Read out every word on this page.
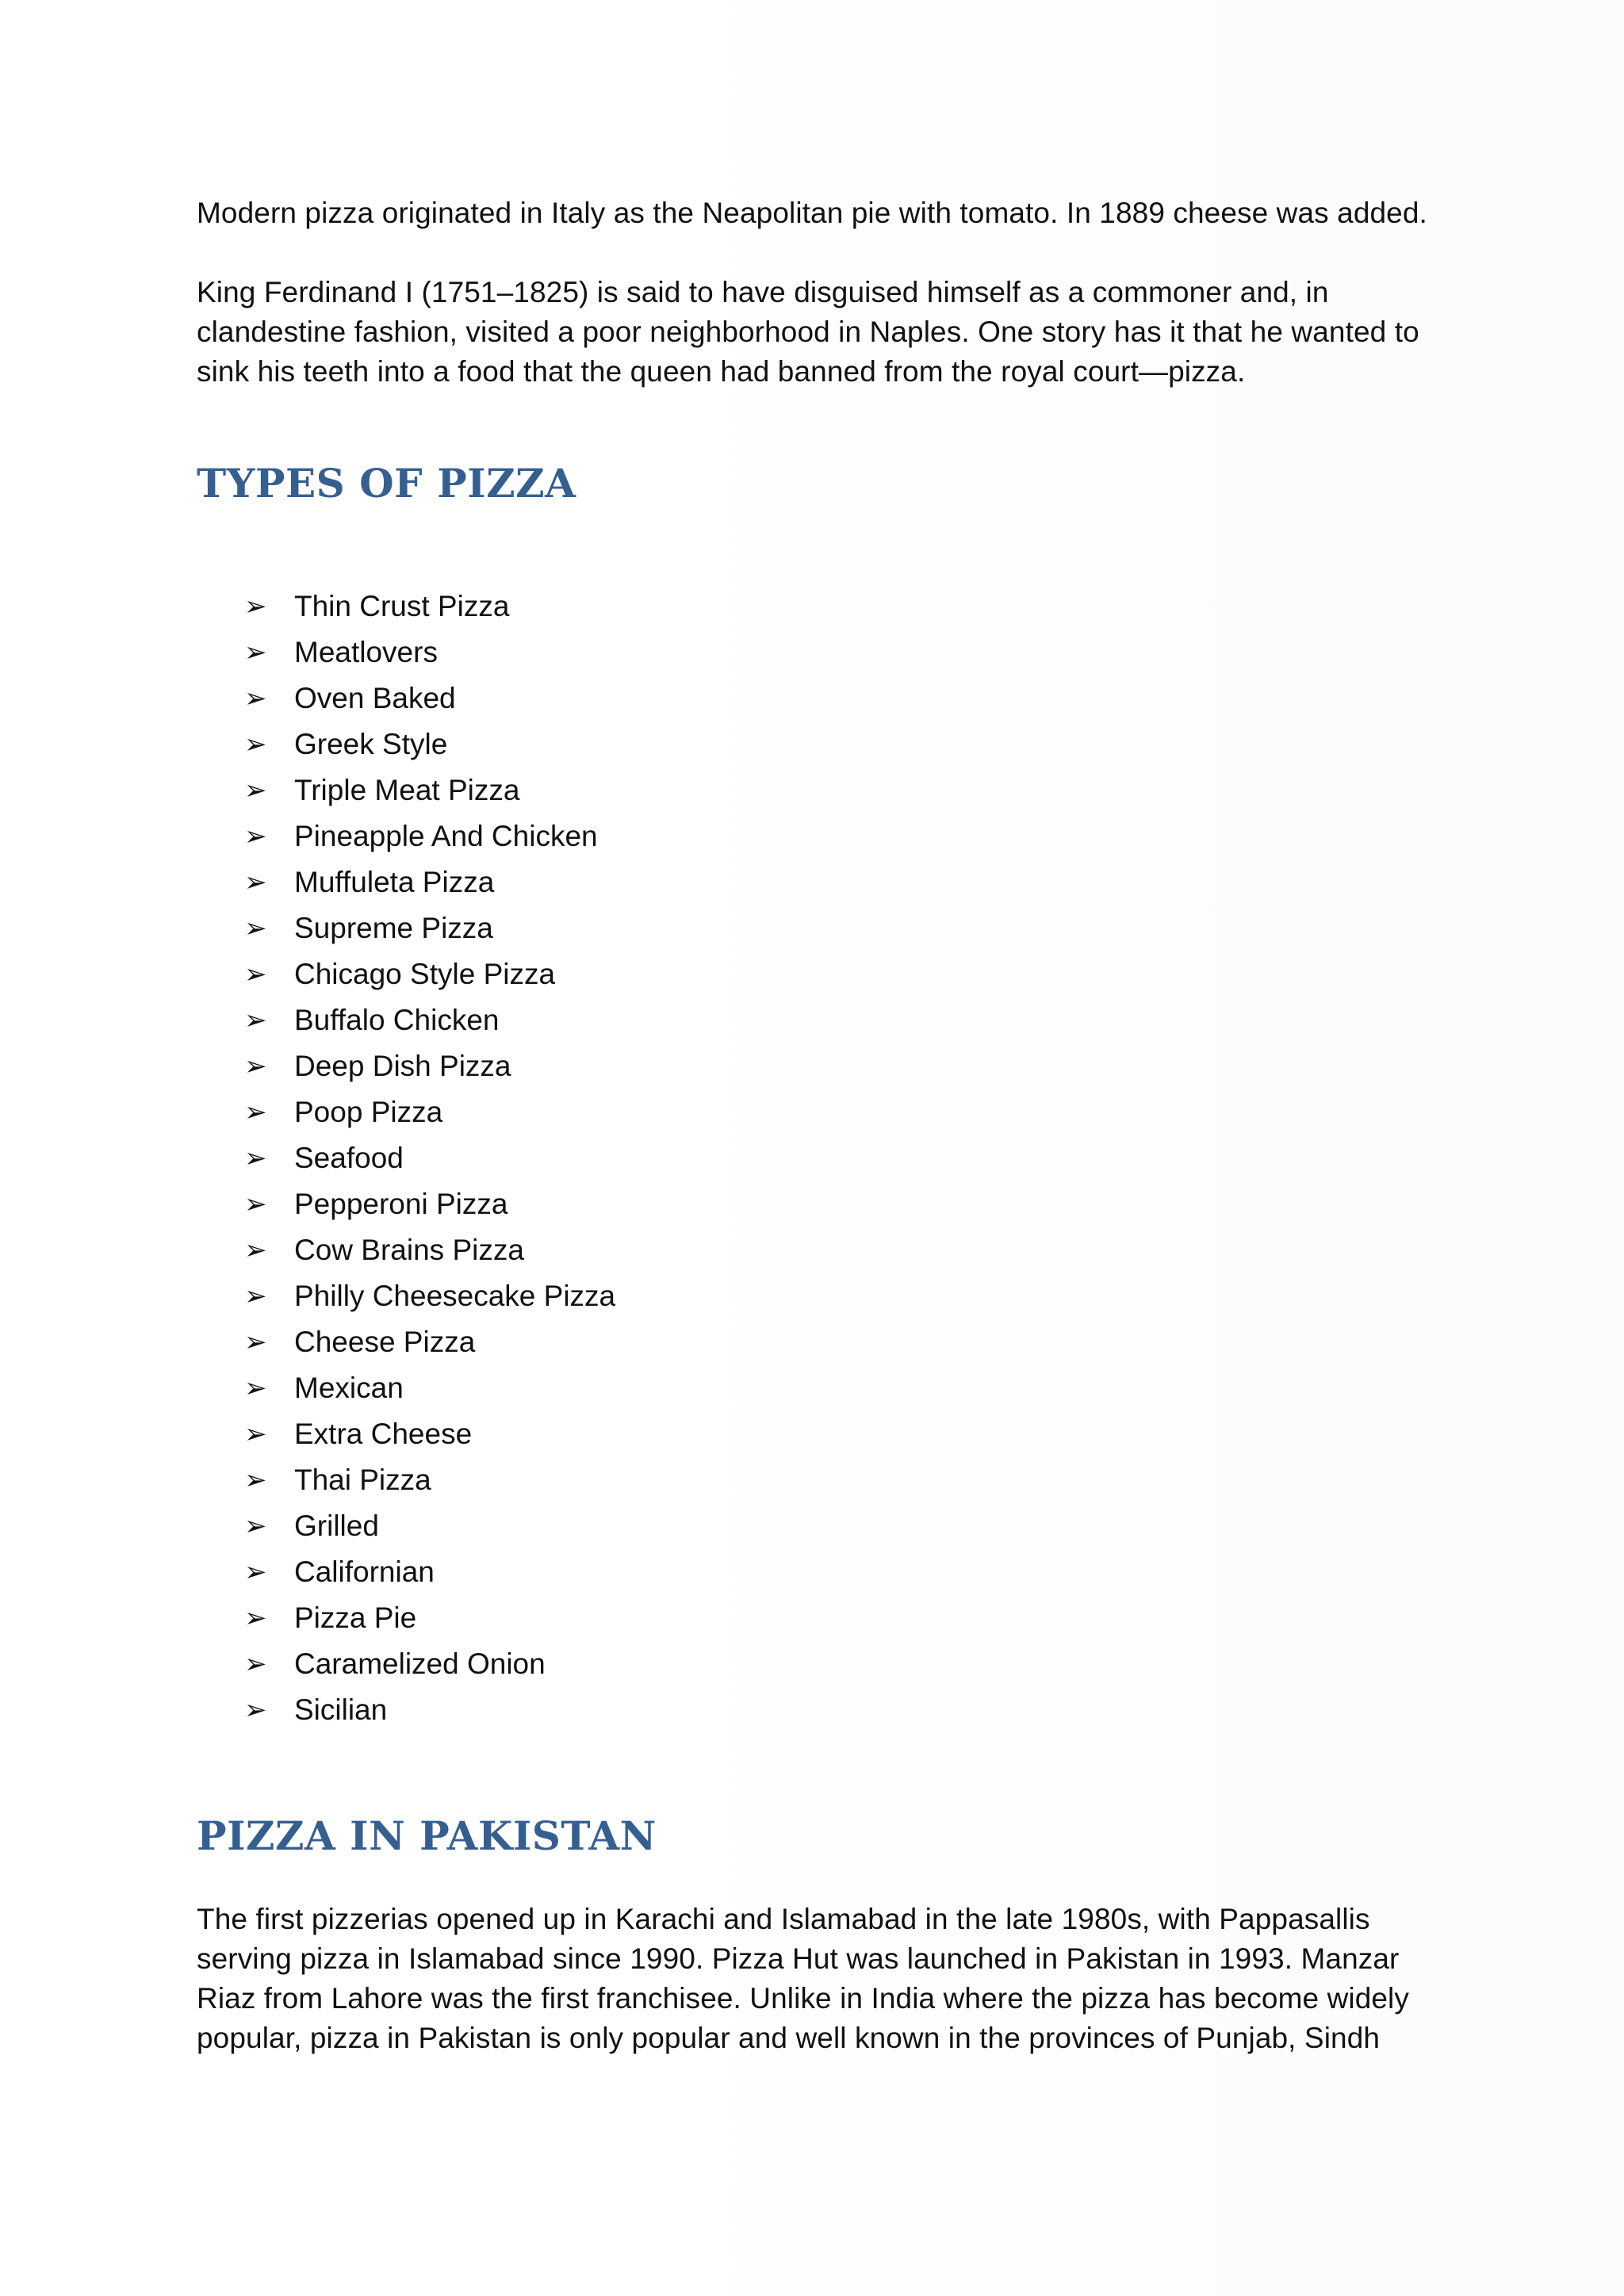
Modern pizza originated in Italy as the Neapolitan pie with tomato. In 1889 cheese was added.

King Ferdinand I (1751–1825) is said to have disguised himself as a commoner and, in clandestine fashion, visited a poor neighborhood in Naples. One story has it that he wanted to sink his teeth into a food that the queen had banned from the royal court—pizza.

TYPES OF PIZZA
➢ Thin Crust Pizza
➢ Meatlovers
➢ Oven Baked
➢ Greek Style
➢ Triple Meat Pizza
➢ Pineapple And Chicken
➢ Muffuleta Pizza
➢ Supreme Pizza
➢ Chicago Style Pizza
➢ Buffalo Chicken
➢ Deep Dish Pizza
➢ Poop Pizza
➢ Seafood
➢ Pepperoni Pizza
➢ Cow Brains Pizza
➢ Philly Cheesecake Pizza
➢ Cheese Pizza
➢ Mexican
➢ Extra Cheese
➢ Thai Pizza
➢ Grilled
➢ Californian
➢ Pizza Pie
➢ Caramelized Onion
➢ Sicilian
PIZZA IN PAKISTAN

The first pizzerias opened up in Karachi and Islamabad in the late 1980s, with Pappasallis serving pizza in Islamabad since 1990. Pizza Hut was launched in Pakistan in 1993. Manzar Riaz from Lahore was the first franchisee. Unlike in India where the pizza has become widely popular, pizza in Pakistan is only popular and well known in the provinces of Punjab, Sindh
